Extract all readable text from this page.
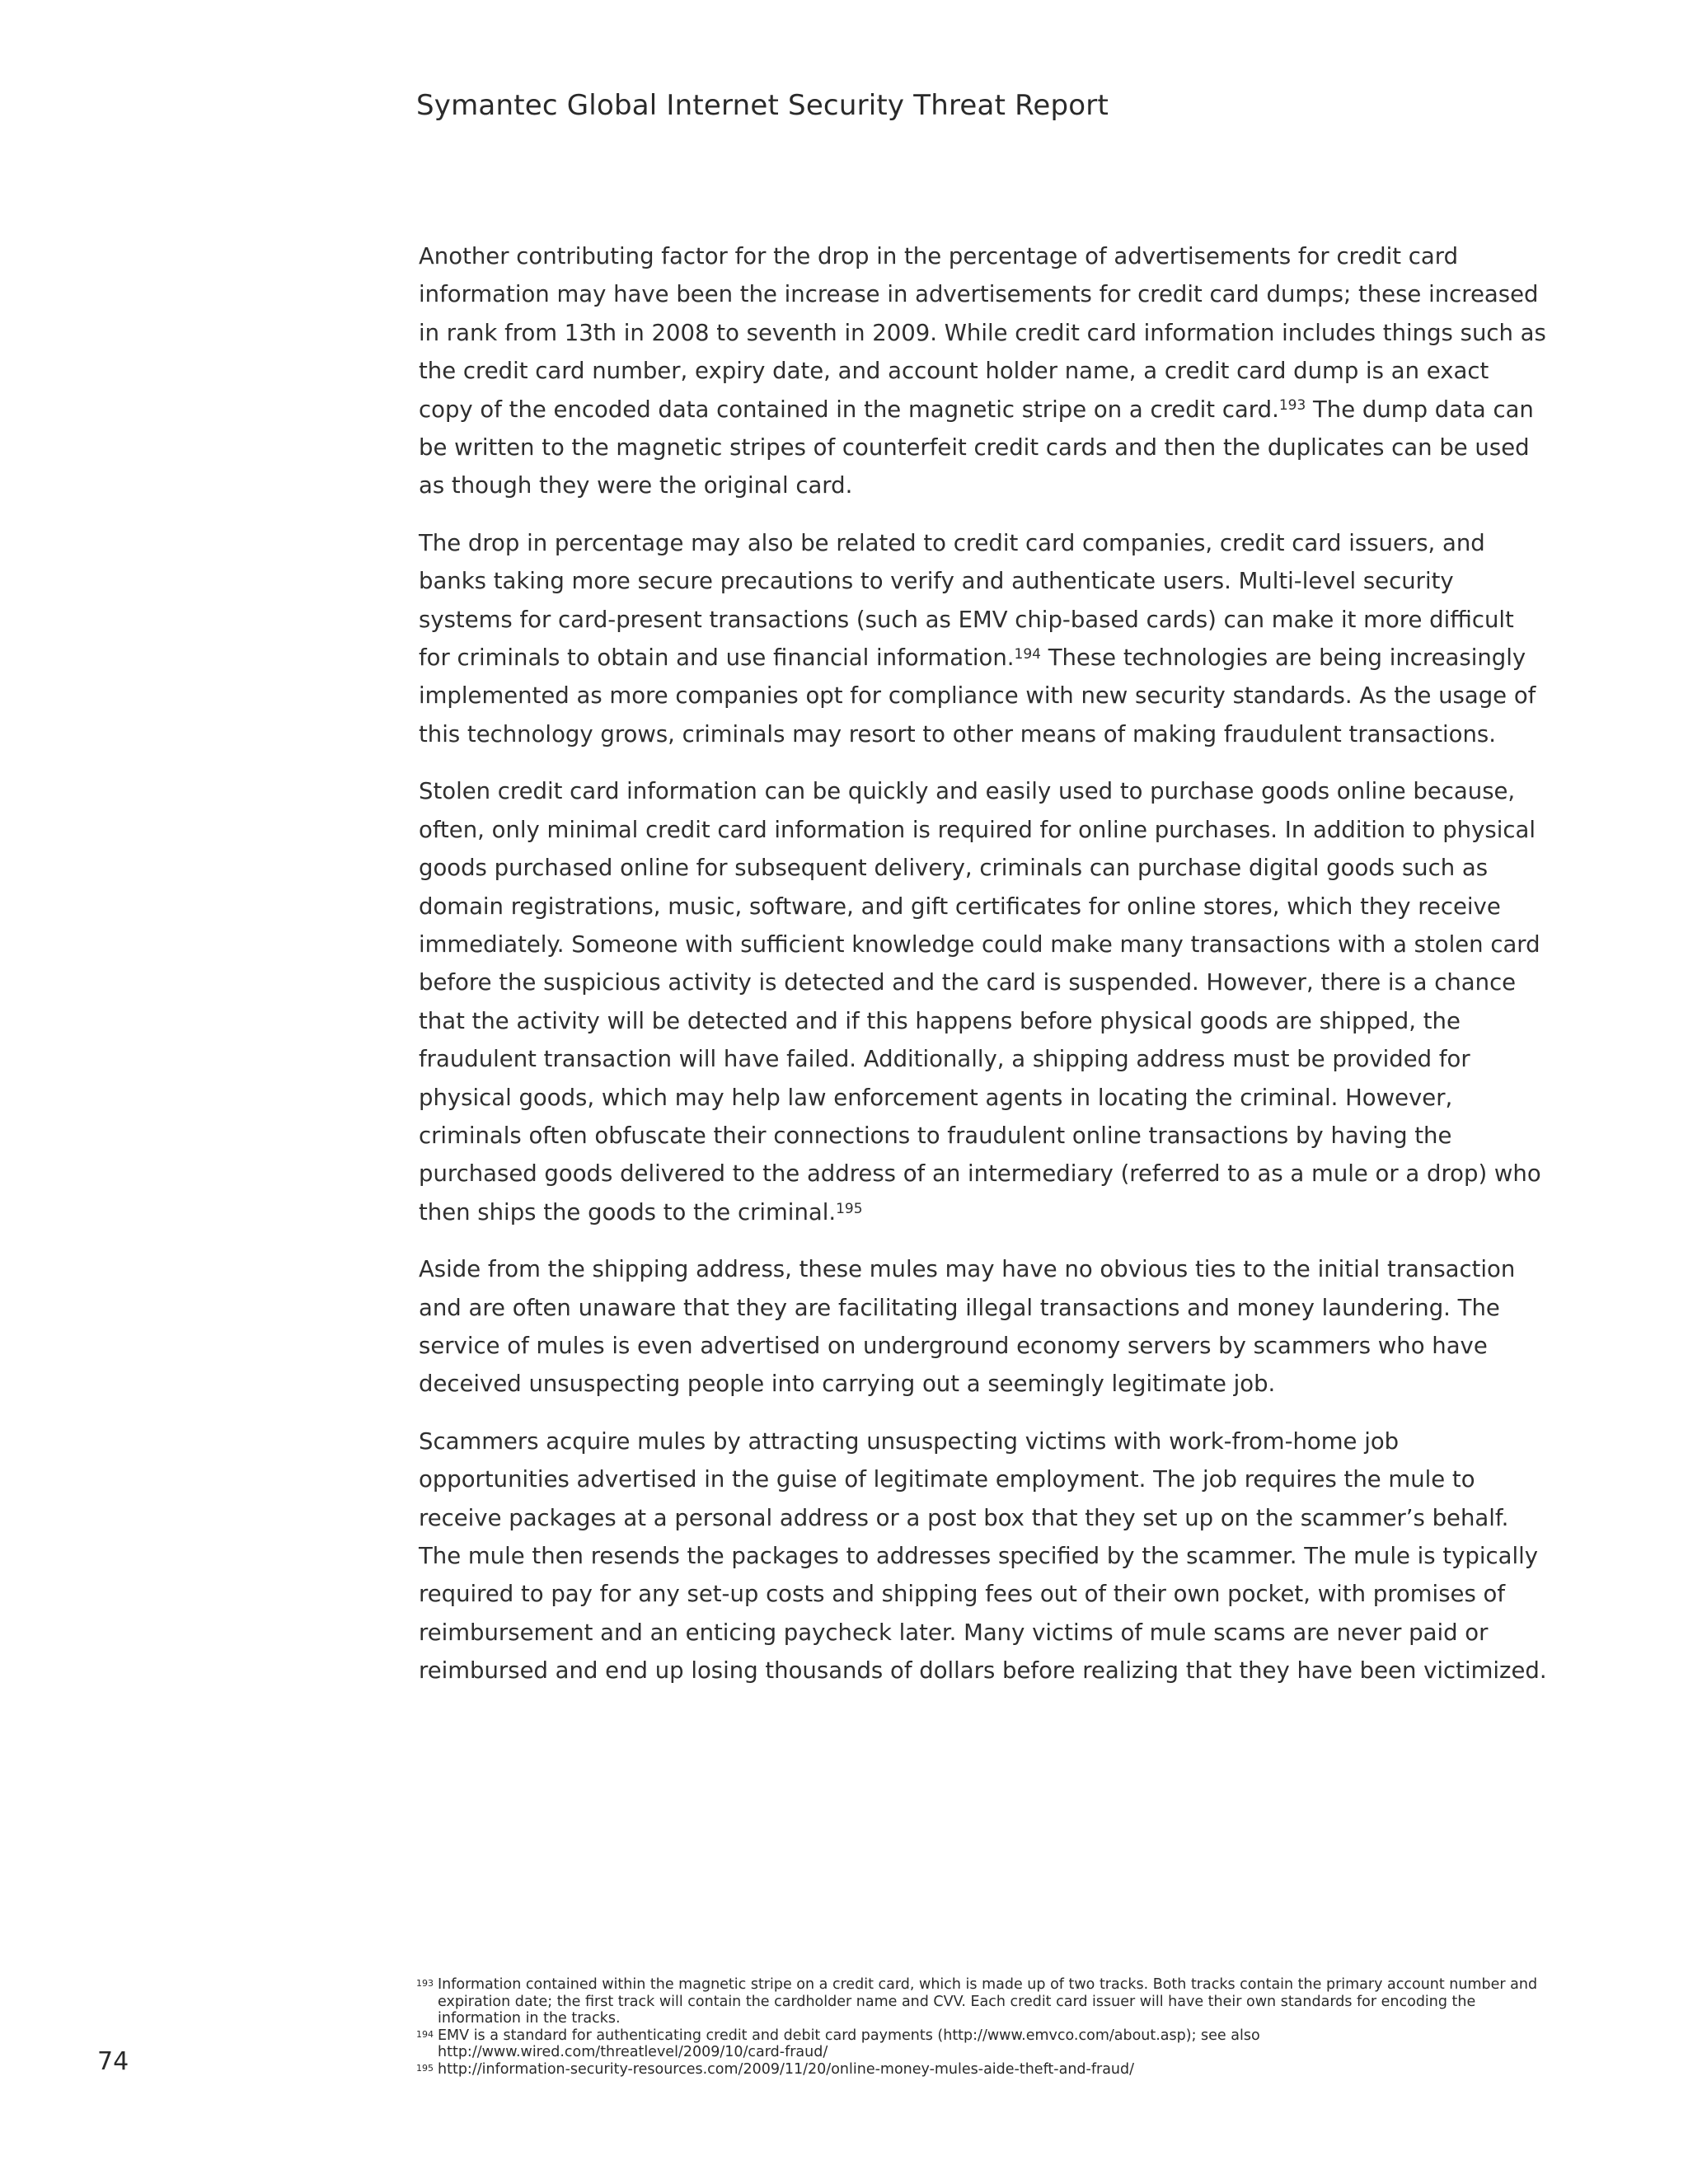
Symantec Global Internet Security Threat Report

Another contributing factor for the drop in the percentage of advertisements for credit card information may have been the increase in advertisements for credit card dumps; these increased in rank from 13th in 2008 to seventh in 2009. While credit card information includes things such as the credit card number, expiry date, and account holder name, a credit card dump is an exact copy of the encoded data contained in the magnetic stripe on a credit card.$^{193}$ The dump data can be written to the magnetic stripes of counterfeit credit cards and then the duplicates can be used as though they were the original card.

The drop in percentage may also be related to credit card companies, credit card issuers, and banks taking more secure precautions to verify and authenticate users. Multi-level security systems for card-present transactions (such as EMV chip-based cards) can make it more difficult for criminals to obtain and use financial information.$^{194}$ These technologies are being increasingly implemented as more companies opt for compliance with new security standards. As the usage of this technology grows, criminals may resort to other means of making fraudulent transactions.

Stolen credit card information can be quickly and easily used to purchase goods online because, often, only minimal credit card information is required for online purchases. In addition to physical goods purchased online for subsequent delivery, criminals can purchase digital goods such as domain registrations, music, software, and gift certificates for online stores, which they receive immediately. Someone with sufficient knowledge could make many transactions with a stolen card before the suspicious activity is detected and the card is suspended. However, there is a chance that the activity will be detected and if this happens before physical goods are shipped, the fraudulent transaction will have failed. Additionally, a shipping address must be provided for physical goods, which may help law enforcement agents in locating the criminal. However, criminals often obfuscate their connections to fraudulent online transactions by having the purchased goods delivered to the address of an intermediary (referred to as a mule or a drop) who then ships the goods to the criminal.$^{195}$

Aside from the shipping address, these mules may have no obvious ties to the initial transaction and are often unaware that they are facilitating illegal transactions and money laundering. The service of mules is even advertised on underground economy servers by scammers who have deceived unsuspecting people into carrying out a seemingly legitimate job.

Scammers acquire mules by attracting unsuspecting victims with work-from-home job opportunities advertised in the guise of legitimate employment. The job requires the mule to receive packages at a personal address or a post box that they set up on the scammer’s behalf. The mule then resends the packages to addresses specified by the scammer. The mule is typically required to pay for any set-up costs and shipping fees out of their own pocket, with promises of reimbursement and an enticing paycheck later. Many victims of mule scams are never paid or reimbursed and end up losing thousands of dollars before realizing that they have been victimized.

193 Information contained within the magnetic stripe on a credit card, which is made up of two tracks. Both tracks contain the primary account number and expiration date; the first track will contain the cardholder name and CVV. Each credit card issuer will have their own standards for encoding the information in the tracks.
194 EMV is a standard for authenticating credit and debit card payments (http://www.emvco.com/about.asp); see also http://www.wired.com/threatlevel/2009/10/card-fraud/
195 http://information-security-resources.com/2009/11/20/online-money-mules-aide-theft-and-fraud/
74
